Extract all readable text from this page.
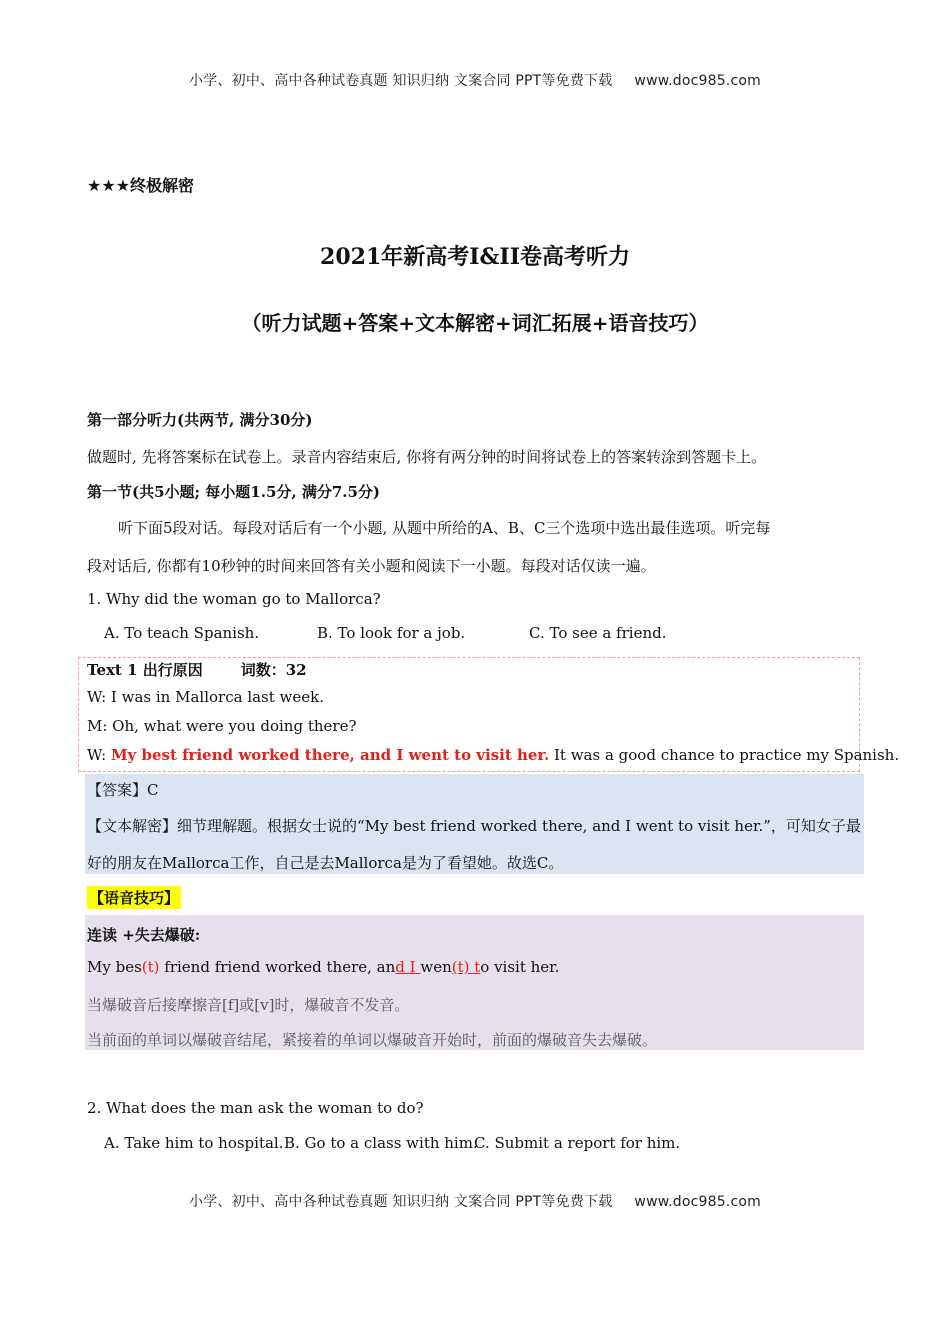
小学、初中、高中各种试卷真题 知识归纳 文案合同 PPT等免费下载 www.doc985.com
★★★终极解密
2021年新高考I&II卷高考听力
（听力试题+答案+文本解密+词汇拓展+语音技巧）
第一部分听力(共两节, 满分30分)
做题时, 先将答案标在试卷上。录音内容结束后, 你将有两分钟的时间将试卷上的答案转涂到答题卡上。
第一节(共5小题; 每小题1.5分, 满分7.5分)
听下面5段对话。每段对话后有一个小题, 从题中所给的A、B、C三个选项中选出最佳选项。听完每
段对话后, 你都有10秒钟的时间来回答有关小题和阅读下一小题。每段对话仅读一遍。
1. Why did the woman go to Mallorca?
A. To teach Spanish.	B. To look for a job.	C. To see a friend.
Text 1 出行原因	词数：32
W: I was in Mallorca last week.
M: Oh, what were you doing there?
W: My best friend worked there, and I went to visit her. It was a good chance to practice my Spanish.
【答案】C
【文本解密】细节理解题。根据女士说的“My best friend worked there, and I went to visit her.”，可知女子最
好的朋友在Mallorca工作，自己是去Mallorca是为了看望她。故选C。
【语音技巧】
连读 +失去爆破:
My bes(t) friend friend worked there, and I wen(t) to visit her.
当爆破音后接摩擦音[f]或[v]时，爆破音不发音。
当前面的单词以爆破音结尾，紧接着的单词以爆破音开始时，前面的爆破音失去爆破。
2. What does the man ask the woman to do?
A. Take him to hospital. B. Go to a class with him.
C. Submit a report for him.
小学、初中、高中各种试卷真题 知识归纳 文案合同 PPT等免费下载 www.doc985.com
